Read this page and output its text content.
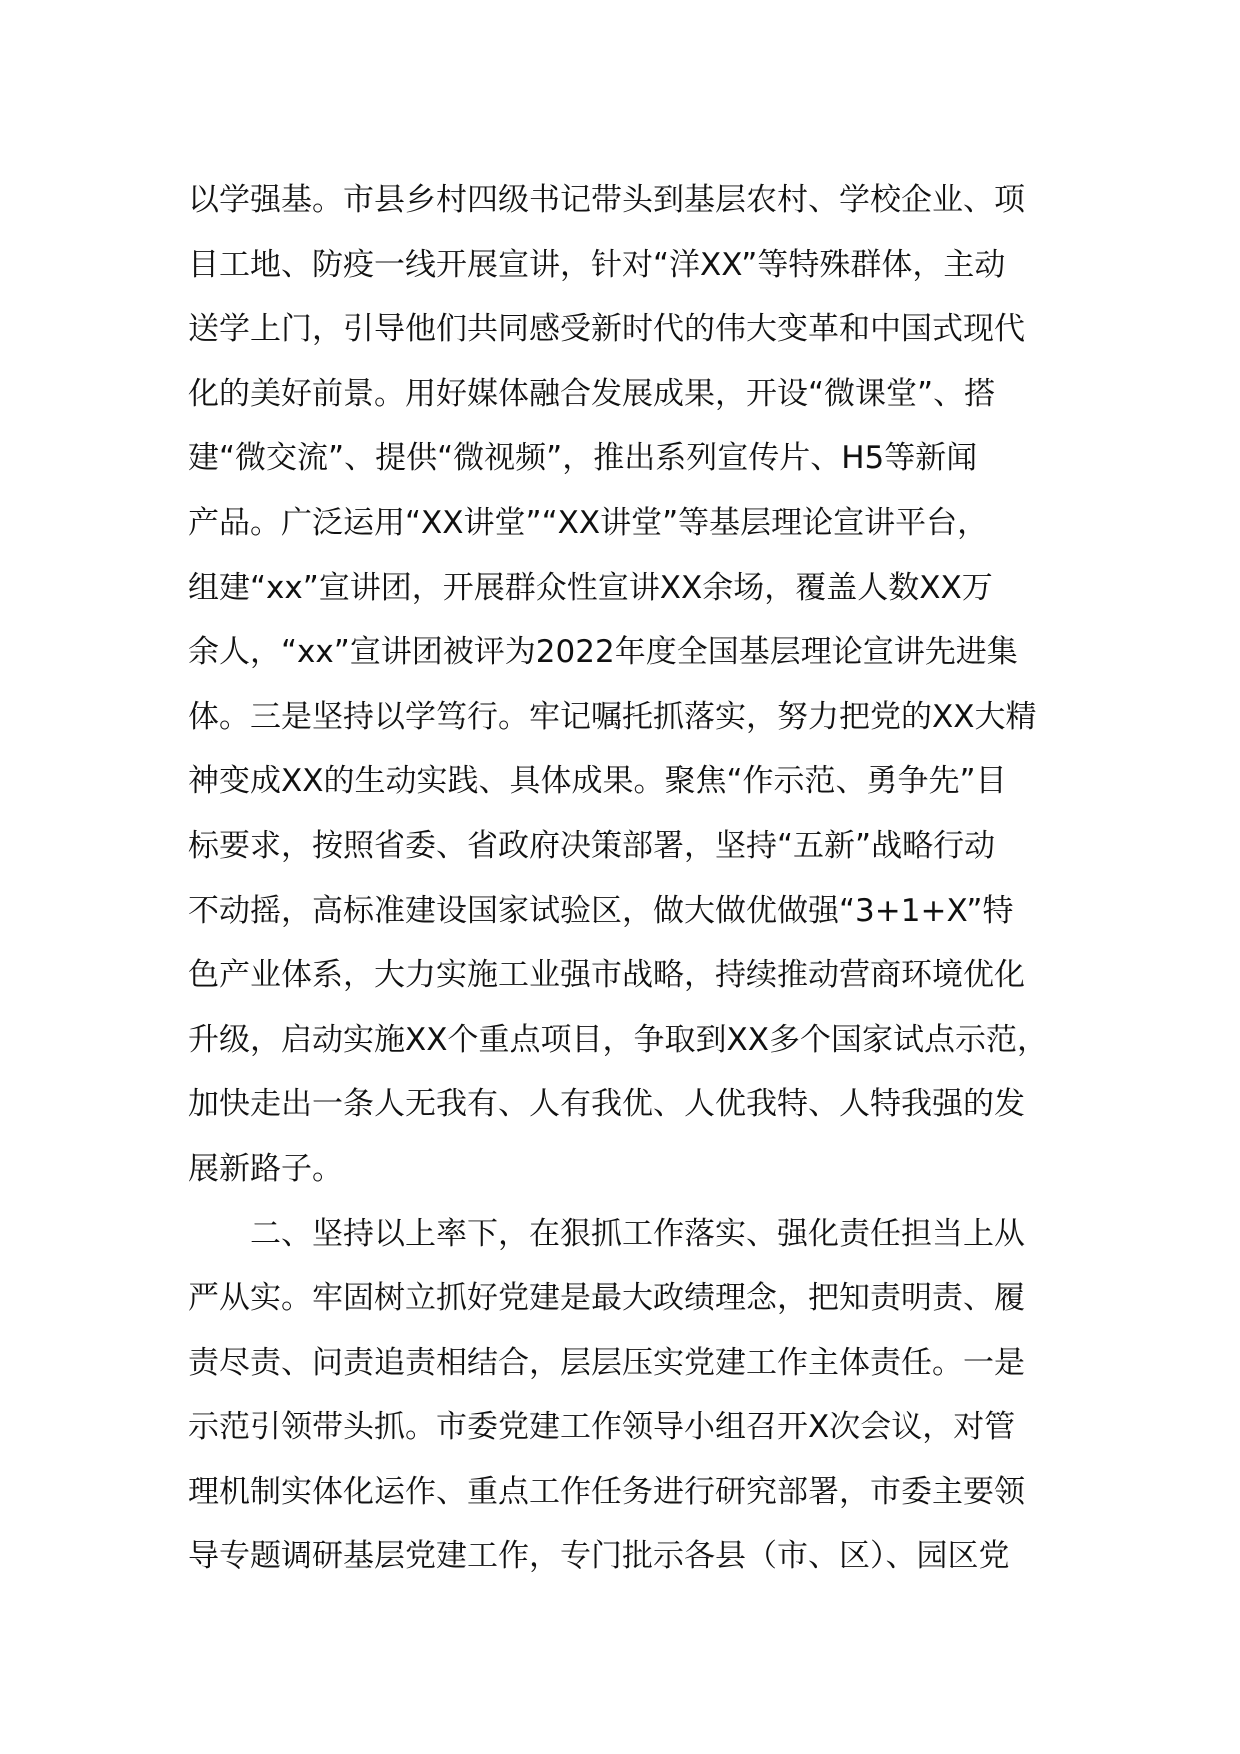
以学强基。市县乡村四级书记带头到基层农村、学校企业、项
目工地、防疫一线开展宣讲，针对“洋XX”等特殊群体，主动
送学上门，引导他们共同感受新时代的伟大变革和中国式现代
化的美好前景。用好媒体融合发展成果，开设“微课堂”、搭
建“微交流”、提供“微视频”，推出系列宣传片、H5等新闻
产品。广泛运用“XX讲堂”“XX讲堂”等基层理论宣讲平台，
组建“xx”宣讲团，开展群众性宣讲XX余场，覆盖人数XX万
余人，“xx”宣讲团被评为2022年度全国基层理论宣讲先进集
体。三是坚持以学笃行。牢记嘱托抓落实，努力把党的XX大精
神变成XX的生动实践、具体成果。聚焦“作示范、勇争先”目
标要求，按照省委、省政府决策部署，坚持“五新”战略行动
不动摇，高标准建设国家试验区，做大做优做强“3+1+X”特
色产业体系，大力实施工业强市战略，持续推动营商环境优化
升级，启动实施XX个重点项目，争取到XX多个国家试点示范，
加快走出一条人无我有、人有我优、人优我特、人特我强的发
展新路子。
　　二、坚持以上率下，在狠抓工作落实、强化责任担当上从
严从实。牢固树立抓好党建是最大政绩理念，把知责明责、履
责尽责、问责追责相结合，层层压实党建工作主体责任。一是
示范引领带头抓。市委党建工作领导小组召开X次会议，对管
理机制实体化运作、重点工作任务进行研究部署，市委主要领
导专题调研基层党建工作，专门批示各县（市、区）、园区党
